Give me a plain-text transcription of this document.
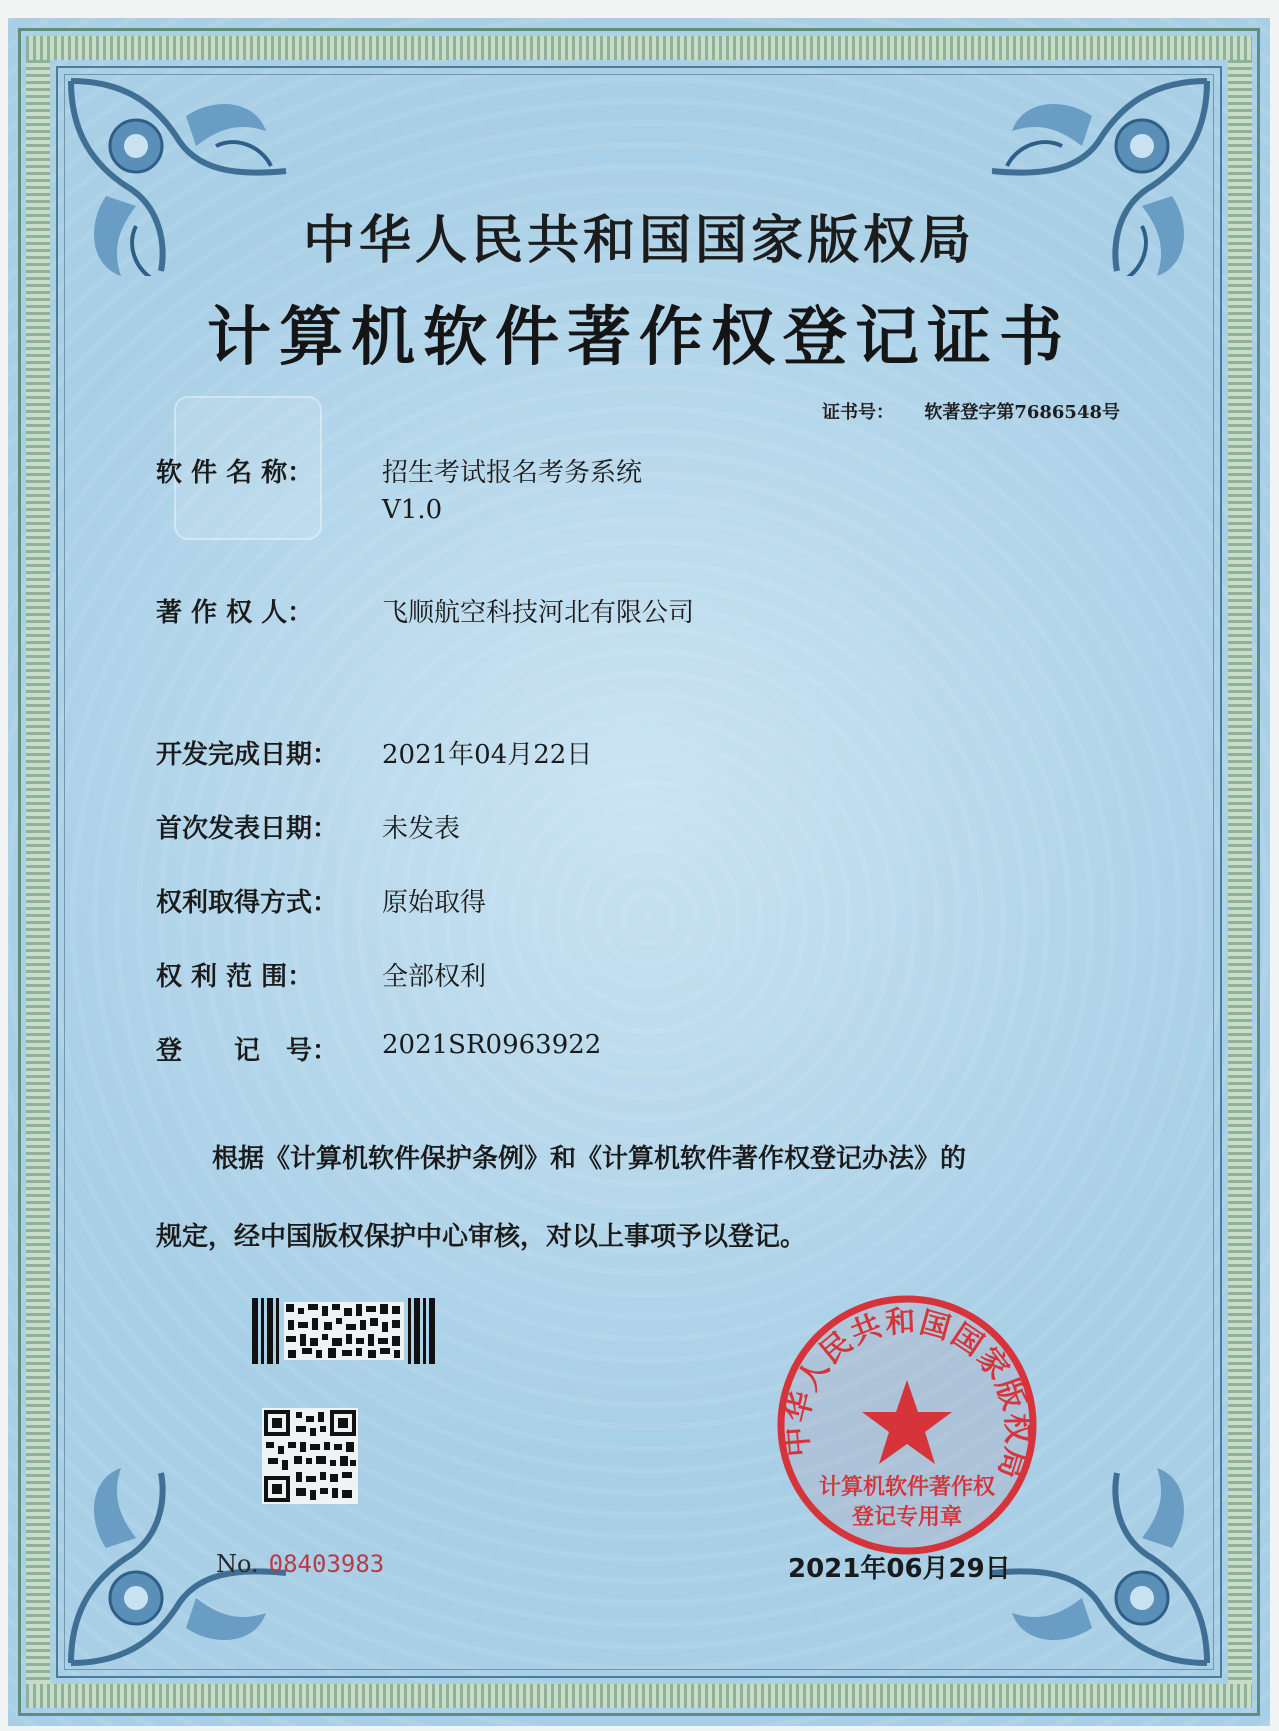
中华人民共和国国家版权局
计算机软件著作权登记证书
证书号： 软著登字第7686548号
软 件 名 称：	招生考试报名考务系统
V1.0
著 作 权 人：	飞顺航空科技河北有限公司
开发完成日期： 2021年04月22日
首次发表日期： 未发表
权利取得方式： 原始取得
权 利 范 围：	全部权利
登　　记　号： 2021SR0963922
根据《计算机软件保护条例》和《计算机软件著作权登记办法》的
规定，经中国版权保护中心审核，对以上事项予以登记。
No. 08403983
中华人民共和国国家版权局
计算机软件著作权
登记专用章
2021年06月29日
